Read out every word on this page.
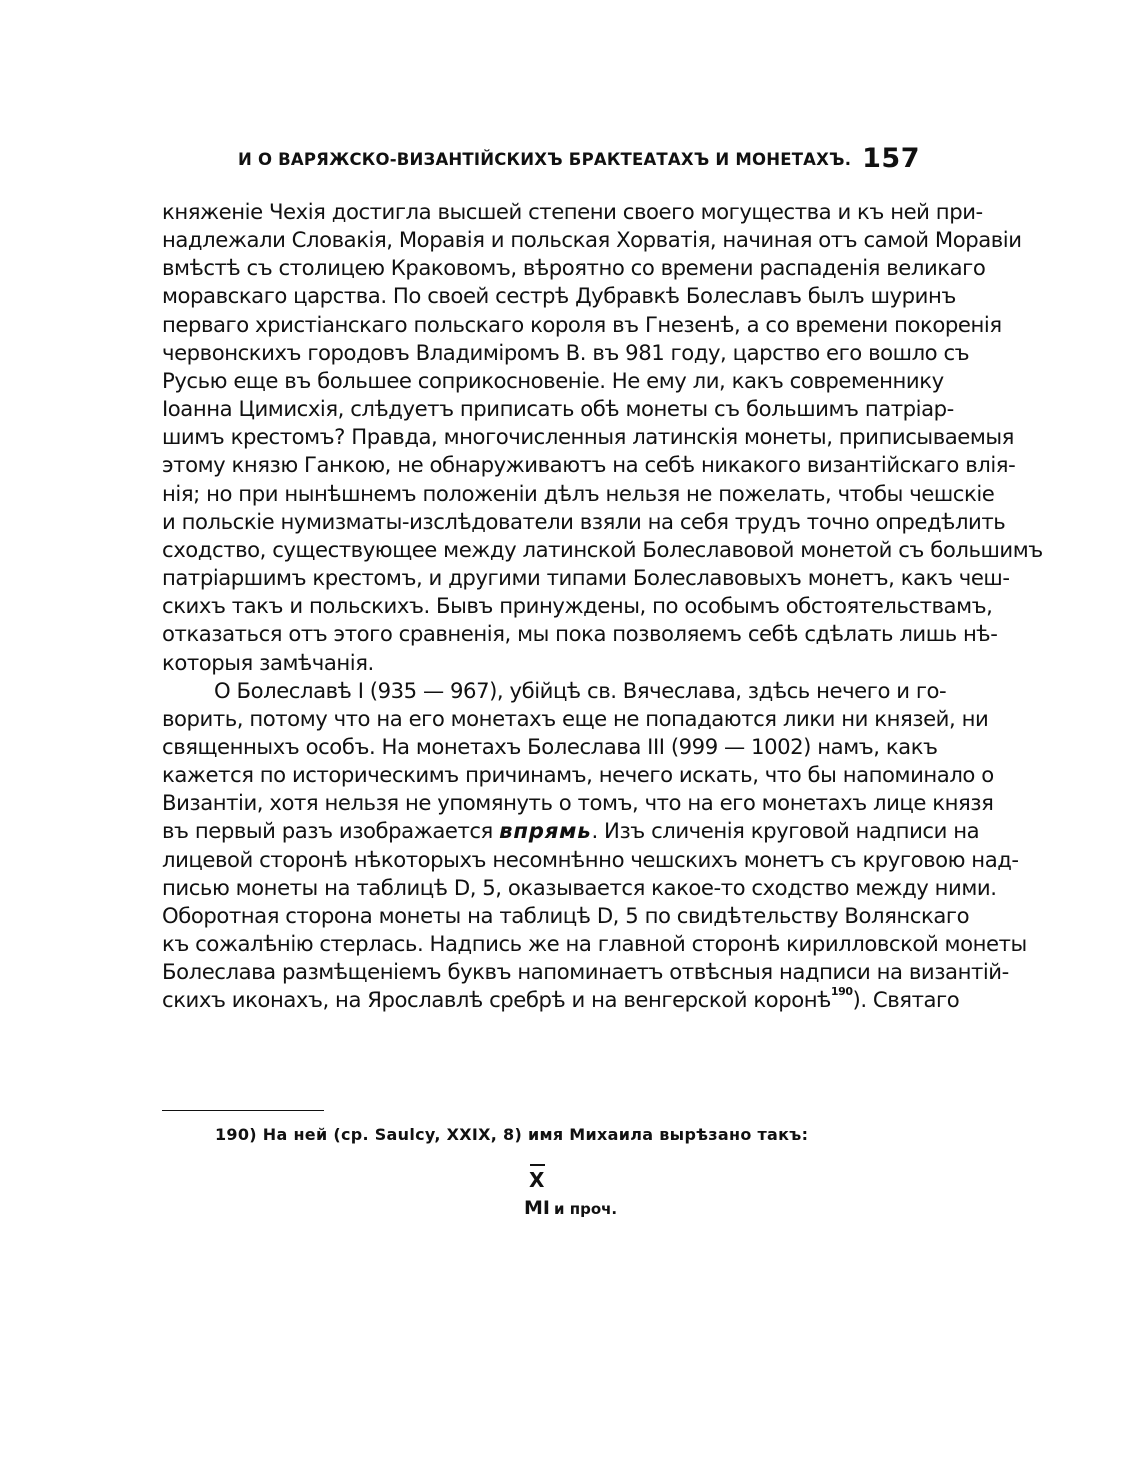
И О ВАРЯЖСКО-ВИЗАНТІЙСКИХЪ БРАКТЕАТАХЪ И МОНЕТАХЪ. 157
княженіе Чехія достигла высшей степени своего могущества и къ ней при-
надлежали Словакія, Моравія и польская Хорватія, начиная отъ самой Моравіи
вмѣстѣ съ столицею Краковомъ, вѣроятно со времени распаденія великаго
моравскаго царства. По своей сестрѣ Дубравкѣ Болеславъ былъ шуринъ
перваго христіанскаго польскаго короля въ Гнезенѣ, а со времени покоренія
червонскихъ городовъ Владиміромъ В. въ 981 году, царство его вошло съ
Русью еще въ большее соприкосновеніе. Не ему ли, какъ современнику
Іоанна Цимисхія, слѣдуетъ приписать обѣ монеты съ большимъ патріар-
шимъ крестомъ? Правда, многочисленныя латинскія монеты, приписываемыя
этому князю Ганкою, не обнаруживаютъ на себѣ никакого византійскаго влія-
нія; но при нынѣшнемъ положеніи дѣлъ нельзя не пожелать, чтобы чешскіе
и польскіе нумизматы-изслѣдователи взяли на себя трудъ точно опредѣлить
сходство, существующее между латинской Болеславовой монетой съ большимъ
патріаршимъ крестомъ, и другими типами Болеславовыхъ монетъ, какъ чеш-
скихъ такъ и польскихъ. Бывъ принуждены, по особымъ обстоятельствамъ,
отказаться отъ этого сравненія, мы пока позволяемъ себѣ сдѣлать лишь нѣ-
которыя замѣчанія.
О Болеславѣ I (935 — 967), убійцѣ св. Вячеслава, здѣсь нечего и го-
ворить, потому что на его монетахъ еще не попадаются лики ни князей, ни
священныхъ особъ. На монетахъ Болеслава III (999 — 1002) намъ, какъ
кажется по историческимъ причинамъ, нечего искать, что бы напоминало о
Византіи, хотя нельзя не упомянуть о томъ, что на его монетахъ лице князя
въ первый разъ изображается впрямь. Изъ сличенія круговой надписи на
лицевой сторонѣ нѣкоторыхъ несомнѣнно чешскихъ монетъ съ круговою над-
писью монеты на таблицѣ D, 5, оказывается какое-то сходство между ними.
Оборотная сторона монеты на таблицѣ D, 5 по свидѣтельству Волянскаго
къ сожалѣнію стерлась. Надпись же на главной сторонѣ кирилловской монеты
Болеслава размѣщеніемъ буквъ напоминаетъ отвѣсныя надписи на византій-
скихъ иконахъ, на Ярославлѣ сребрѣ и на венгерской коронѣ$^{190}$). Святаго
190) На ней (ср. Saulcy, XXIX, 8) имя Михаила вырѣзано такъ:
X
MI и проч.
